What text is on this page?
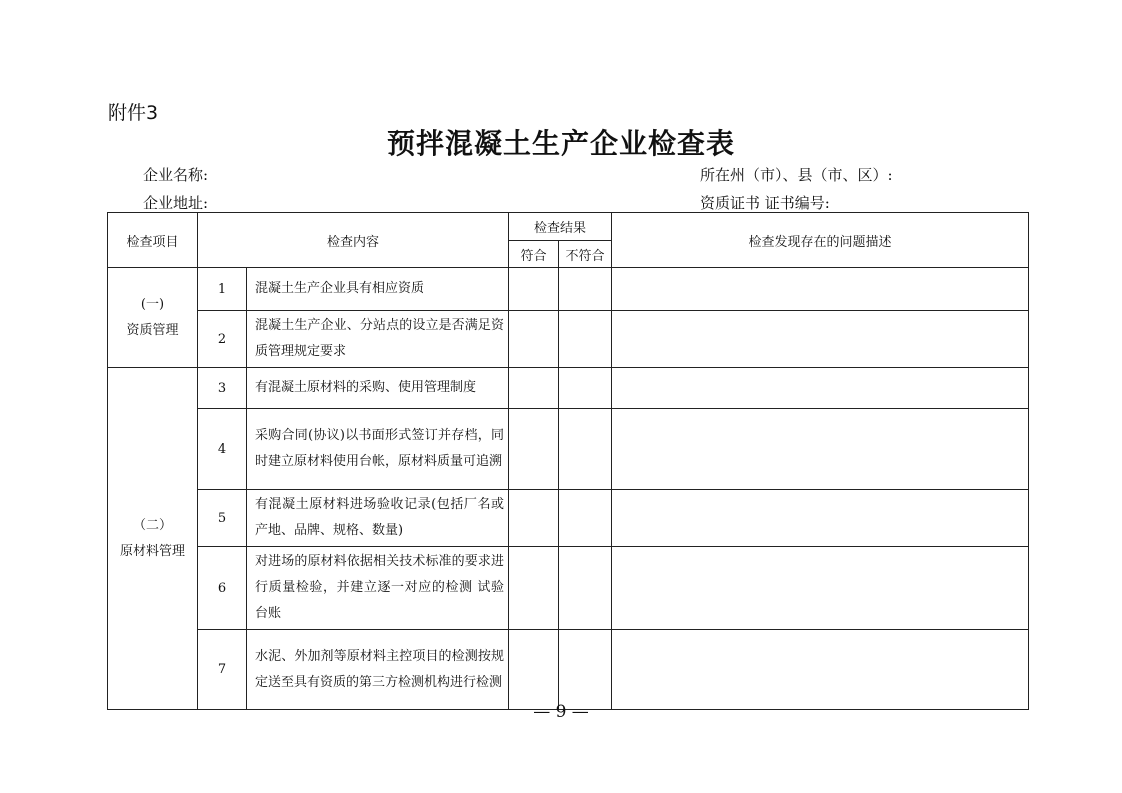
附件3
预拌混凝土生产企业检查表
企业名称:
企业地址:
所在州（市）、县（市、区）:
资质证书 证书编号:
检查项目	检查内容		检查结果		检查发现存在的问题描述
			符合	不符合	

(一)
资质管理	1	混凝土生产企业具有相应资质			
	2	混凝土生产企业、分站点的设立是否满足资质管理规定要求			

（二）
原材料管理	3	有混凝土原材料的采购、使用管理制度			
	4	采购合同(协议)以书面形式签订并存档，同时建立原材料使用台帐，原材料质量可追溯			
	5	有混凝土原材料进场验收记录(包括厂名或产地、品牌、规格、数量)			
	6	对进场的原材料依据相关技术标准的要求进行质量检验，并建立逐一对应的检测 试验台账			
	7	水泥、外加剂等原材料主控项目的检测按规定送至具有资质的第三方检测机构进行检测			
— 9 —
